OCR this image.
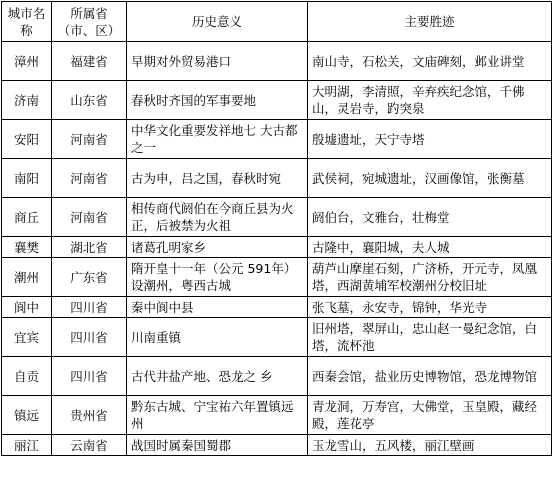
城市名称	所属省（市、区）	历史意义	主要胜迹
漳州	福建省	早期对外贸易港口	南山寺，石松关，文庙碑刻，邺业讲堂
济南	山东省	春秋时齐国的军事要地	大明湖，李清照，辛弃疾纪念馆，千佛山，灵岩寺，趵突泉
安阳	河南省	中华文化重要发祥地七 大古都之一	殷墟遗址，天宁寺塔
南阳	河南省	古为申，吕之国，春秋时宛	武侯祠，宛城遗址，汉画像馆，张衡墓
商丘	河南省	相传商代阏伯在今商丘县为火正，后被禁为火祖	阏伯台，文雅台，壮梅堂
襄樊	湖北省	诸葛孔明家乡	古隆中，襄阳城，夫人城
潮州	广东省	隋开皇十一年（公元 591年）设潮州，粤西古城	葫芦山摩崖石刻，广济桥，开元寺，凤凰塔，西湖黄埔军校潮州分校旧址
阆中	四川省	秦中阆中县	张飞墓，永安寺，锦钟，华光寺
宜宾	四川省	川南重镇	旧州塔，翠屏山，忠山赵一曼纪念馆，白塔，流杯池
自贡	四川省	古代井盐产地、恐龙之 乡	西秦会馆，盐业历史博物馆，恐龙博物馆
镇远	贵州省	黔东古城、宁宝祐六年置镇远州	青龙洞，万寿宫，大佛堂，玉皇殿，藏经殿，莲花亭
丽江	云南省	战国时属秦国蜀郡	玉龙雪山，五风楼，丽江壁画
